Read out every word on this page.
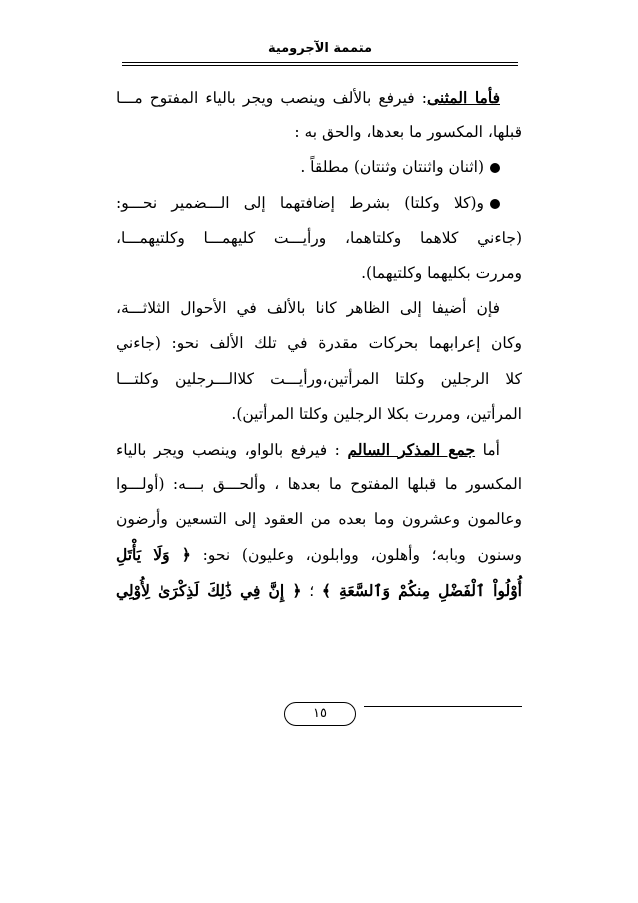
متممة الآجرومية
فأما المثنى: فيرفع بالألف وينصب ويجر بالياء المفتوح مـــا
قبلها، المكسور ما بعدها، والحق به :
(اثنان واثنتان وثنتان) مطلقاً .
و(كلا وكلتا) بشرط إضافتهما إلى الـــضمير نحـــو:
(جاءني كلاهما وكلتاهما، ورأيـــت كليهمـــا وكلتيهمـــا،
ومررت بكليهما وكلتيهما).
فإن أضيفا إلى الظاهر كانا بالألف في الأحوال الثلاثـــة،
وكان إعرابهما بحركات مقدرة في تلك الألف نحو: (جاءني
كلا الرجلين وكلتا المرأتين،ورأيـــت كلاالـــرجلين وكلتـــا
المرأتين، ومررت بكلا الرجلين وكلتا المرأتين).
أما جمع المذكر السالم : فيرفع بالواو، وينصب ويجر بالياء
المكسور ما قبلها المفتوح ما بعدها ، وألحـــق بـــه: (أولـــوا
وعالمون وعشرون وما بعده من العقود إلى التسعين وأرضون
وسنون وبابه؛ وأهلون، ووابلون، وعليون) نحو: ﴿ وَلَا يَأْتَلِ
أُوْلُواْ ٱلْفَضْلِ مِنكُمْ وَٱلسَّعَةِ ﴾ ؛ ﴿ إِنَّ فِي ذَٰلِكَ لَذِكْرَىٰ لِأُوْلِي
١٥
